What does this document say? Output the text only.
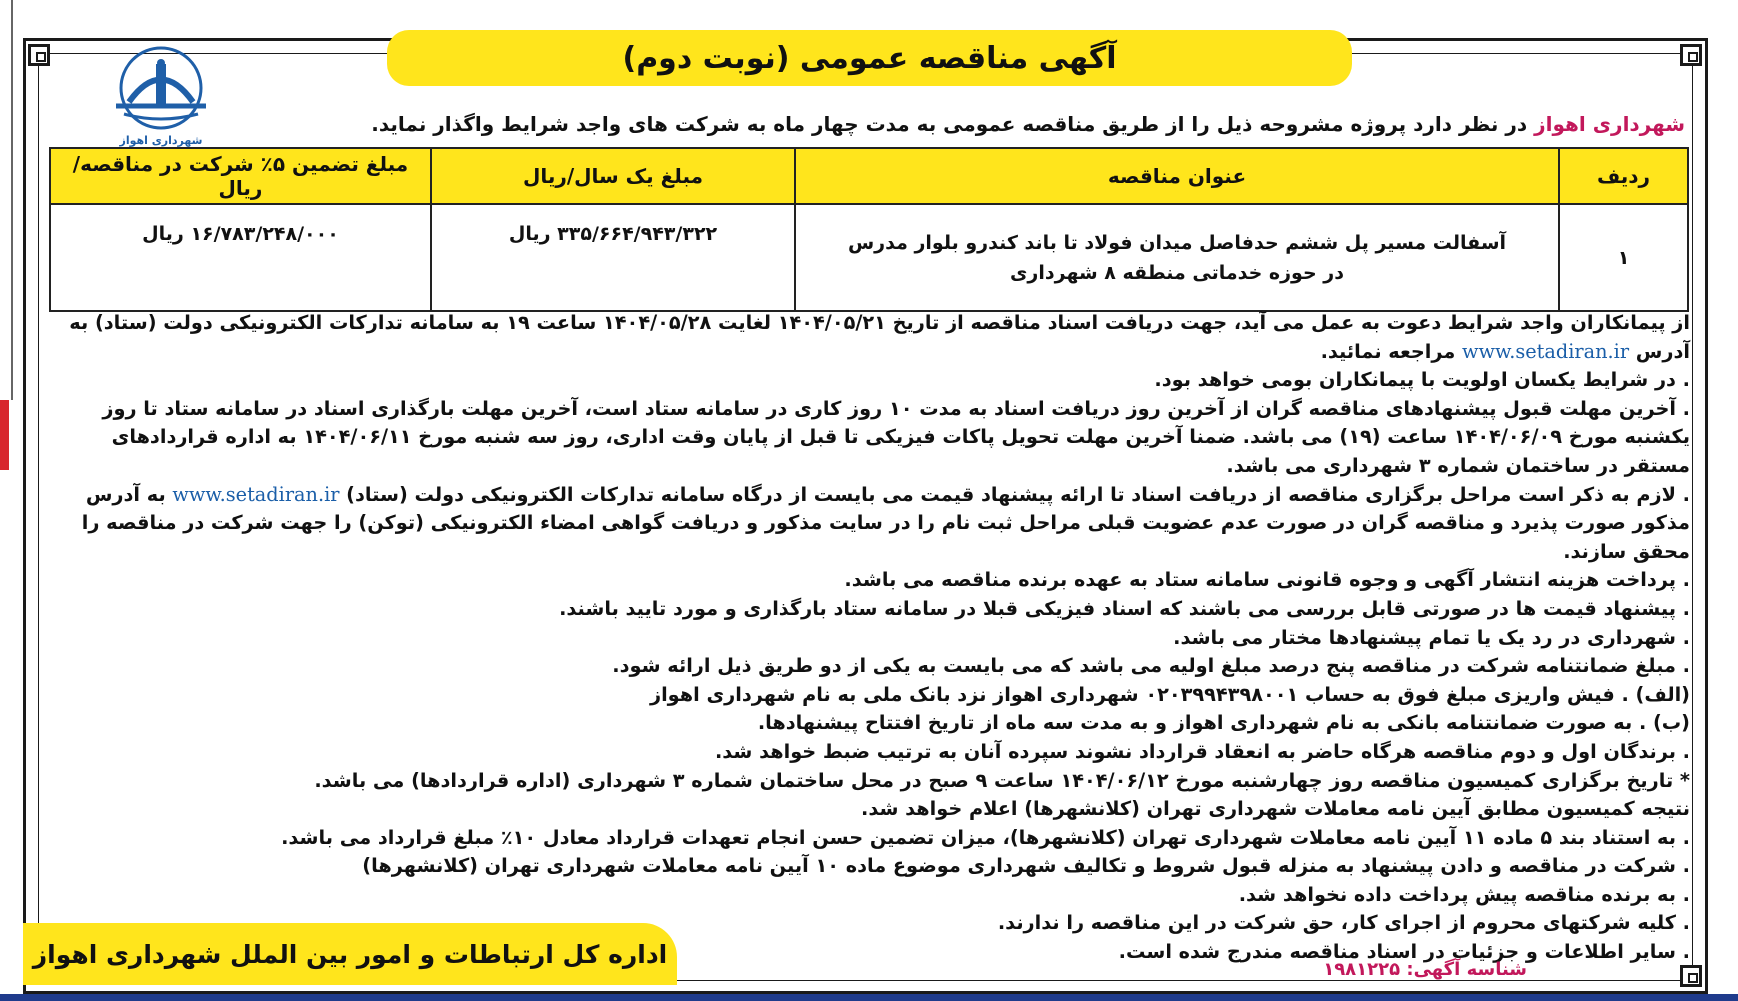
آگهی مناقصه عمومی (نوبت دوم)
شهرداری اهواز
شهرداری اهواز در نظر دارد پروژه مشروحه ذیل را از طریق مناقصه عمومی به مدت چهار ماه به شرکت های واجد شرایط واگذار نماید.
ردیف	عنوان مناقصه	مبلغ یک سال/ریال	مبلغ تضمین ۵٪ شرکت در مناقصه/ریال
۱	آسفالت مسیر پل ششم حدفاصل میدان فولاد تا باند کندرو بلوار مدرس
در حوزه خدماتی منطقه ۸ شهرداری	۳۳۵/۶۶۴/۹۴۳/۳۲۲ ریال	۱۶/۷۸۳/۲۴۸/۰۰۰ ریال

از پیمانکاران واجد شرایط دعوت به عمل می آید، جهت دریافت اسناد مناقصه از تاریخ ۱۴۰۴/۰۵/۲۱ لغایت ۱۴۰۴/۰۵/۲۸ ساعت ۱۹ به سامانه تدارکات الکترونیکی دولت (ستاد) به آدرس www.setadiran.ir مراجعه نمائید.

. در شرایط یکسان اولویت با پیمانکاران بومی خواهد بود.

. آخرین مهلت قبول پیشنهادهای مناقصه گران از آخرین روز دریافت اسناد به مدت ۱۰ روز کاری در سامانه ستاد است، آخرین مهلت بارگذاری اسناد در سامانه ستاد تا روز یکشنبه مورخ ۱۴۰۴/۰۶/۰۹ ساعت (۱۹) می باشد. ضمنا آخرین مهلت تحویل پاکات فیزیکی تا قبل از پایان وقت اداری، روز سه شنبه مورخ ۱۴۰۴/۰۶/۱۱ به اداره قراردادهای مستقر در ساختمان شماره ۳ شهرداری می باشد.

. لازم به ذکر است مراحل برگزاری مناقصه از دریافت اسناد تا ارائه پیشنهاد قیمت می بایست از درگاه سامانه تدارکات الکترونیکی دولت (ستاد) www.setadiran.ir به آدرس مذکور صورت پذیرد و مناقصه گران در صورت عدم عضویت قبلی مراحل ثبت نام را در سایت مذکور و دریافت گواهی امضاء الکترونیکی (توکن) را جهت شرکت در مناقصه را محقق سازند.

. پرداخت هزینه انتشار آگهی و وجوه قانونی سامانه ستاد به عهده برنده مناقصه می باشد.

. پیشنهاد قیمت ها در صورتی قابل بررسی می باشند که اسناد فیزیکی قبلا در سامانه ستاد بارگذاری و مورد تایید باشند.

. شهرداری در رد یک یا تمام پیشنهادها مختار می باشد.

. مبلغ ضمانتنامه شرکت در مناقصه پنج درصد مبلغ اولیه می باشد که می بایست به یکی از دو طریق ذیل ارائه شود.

(الف) . فیش واریزی مبلغ فوق به حساب ۰۲۰۳۹۹۴۳۹۸۰۰۱ شهرداری اهواز نزد بانک ملی به نام شهرداری اهواز

(ب) . به صورت ضمانتنامه بانکی به نام شهرداری اهواز و به مدت سه ماه از تاریخ افتتاح پیشنهادها.

. برندگان اول و دوم مناقصه هرگاه حاضر به انعقاد قرارداد نشوند سپرده آنان به ترتیب ضبط خواهد شد.

* تاریخ برگزاری کمیسیون مناقصه روز چهارشنبه مورخ ۱۴۰۴/۰۶/۱۲ ساعت ۹ صبح در محل ساختمان شماره ۳ شهرداری (اداره قراردادها) می باشد.

نتیجه کمیسیون مطابق آیین نامه معاملات شهرداری تهران (کلانشهرها) اعلام خواهد شد.

. به استناد بند ۵ ماده ۱۱ آیین نامه معاملات شهرداری تهران (کلانشهرها)، میزان تضمین حسن انجام تعهدات قرارداد معادل ۱۰٪ مبلغ قرارداد می باشد.

. شرکت در مناقصه و دادن پیشنهاد به منزله قبول شروط و تکالیف شهرداری موضوع ماده ۱۰ آیین نامه معاملات شهرداری تهران (کلانشهرها)

. به برنده مناقصه پیش پرداخت داده نخواهد شد.

. کلیه شرکتهای محروم از اجرای کار، حق شرکت در این مناقصه را ندارند.

. سایر اطلاعات و جزئیات در اسناد مناقصه مندرج شده است.

اداره کل ارتباطات و امور بین الملل شهرداری اهواز
شناسه آگهی: ۱۹۸۱۲۲۵
